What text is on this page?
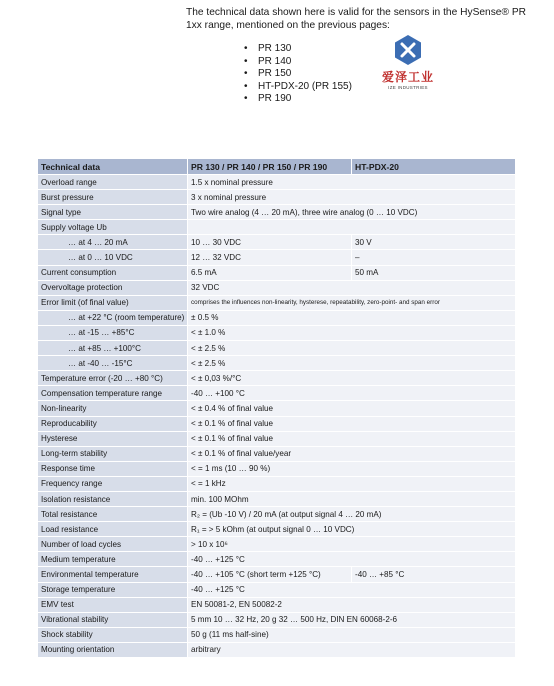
The technical data shown here is valid for the sensors in the HySense® PR 1xx range, mentioned on the previous pages:
• PR 130
• PR 140
• PR 150
• HT-PDX-20 (PR 155)
• PR 190
爱泽工业
IZE INDUSTRIES
Technical data	PR 130 / PR 140 / PR 150 / PR 190	HT-PDX-20
Overload range	1.5 x nominal pressure	
Burst pressure	3 x nominal pressure	
Signal type	Two wire analog (4 … 20 mA), three wire analog (0 … 10 VDC)	
Supply voltage Ub		
… at 4 … 20 mA	10 … 30 VDC	30 V
… at 0 … 10 VDC	12 … 32 VDC	–
Current consumption	6.5 mA	50 mA
Overvoltage protection	32 VDC	
Error limit (of final value)	comprises the influences non-linearity, hysterese, repeatability, zero-point- and span error	
… at +22 °C (room temperature)	± 0.5 %	
… at -15 … +85°C	< ± 1.0 %	
… at +85 … +100°C	< ± 2.5 %	
… at -40 … -15°C	< ± 2.5 %	
Temperature error (-20 … +80 °C)	< ± 0,03 %/°C	
Compensation temperature range	-40 … +100 °C	
Non-linearity	< ± 0.4 % of final value	
Reproducability	< ± 0.1 % of final value	
Hysterese	< ± 0.1 % of final value	
Long-term stability	< ± 0.1 % of final value/year	
Response time	< = 1 ms (10 … 90 %)	
Frequency range	< = 1 kHz	
Isolation resistance	min. 100 MOhm	
Total resistance	R₂ = (Ub -10 V) / 20 mA (at output signal 4 … 20 mA)	
Load resistance	R₁ = > 5 kOhm (at output signal 0 … 10 VDC)	
Number of load cycles	> 10 x 10⁶	
Medium temperature	-40 … +125 °C	
Environmental temperature	-40 … +105 °C (short term +125 °C)	-40 … +85 °C
Storage temperature	-40 … +125 °C	
EMV test	EN 50081-2, EN 50082-2	
Vibrational stability	5 mm 10 … 32 Hz, 20 g 32 … 500 Hz, DIN EN 60068-2-6	
Shock stability	50 g (11 ms half-sine)	
Mounting orientation	arbitrary	
